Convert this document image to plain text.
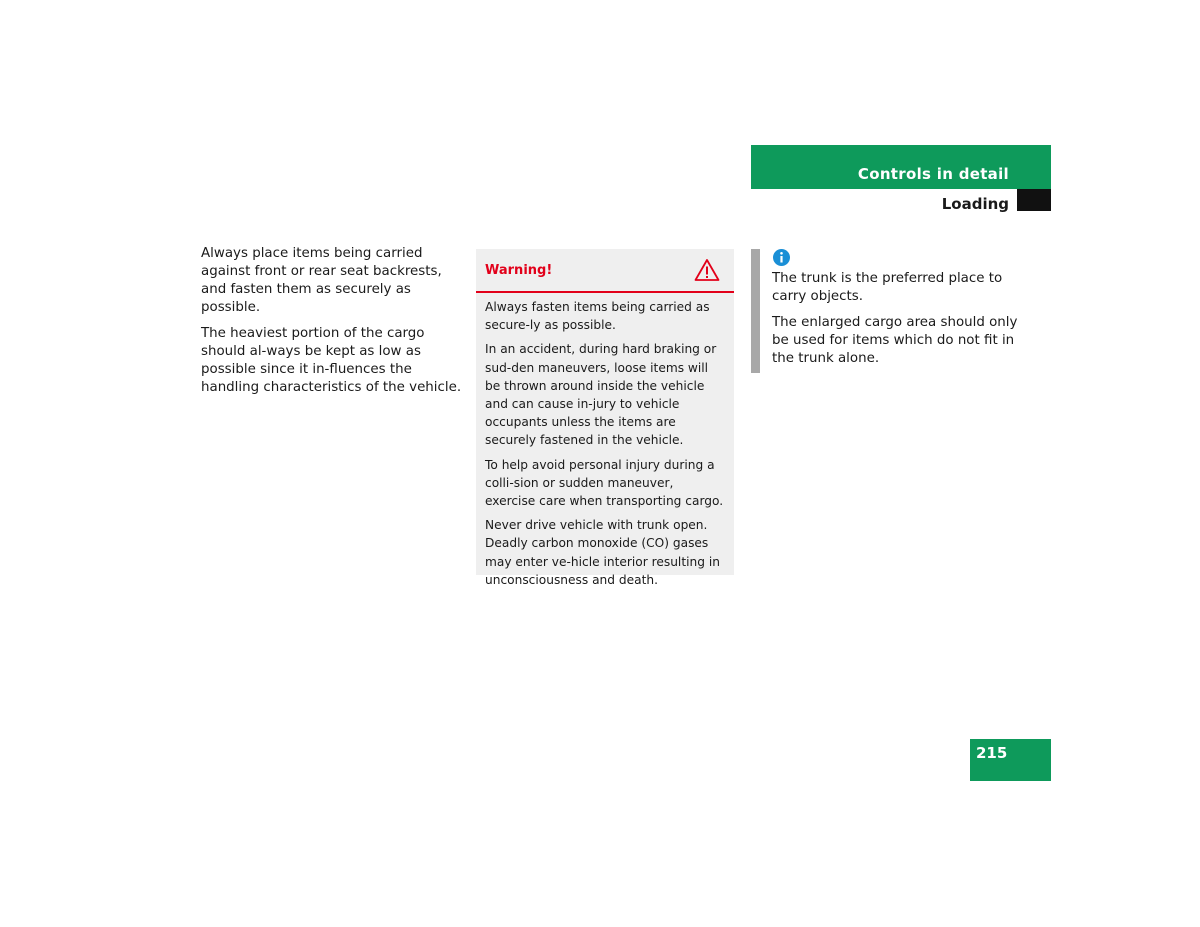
Controls in detail
Loading

Always place items being carried against front or rear seat backrests, and fasten them as securely as possible.

The heaviest portion of the cargo should al-ways be kept as low as possible since it in-fluences the handling characteristics of the vehicle.

Warning!

Always fasten items being carried as secure-ly as possible.

In an accident, during hard braking or sud-den maneuvers, loose items will be thrown around inside the vehicle and can cause in-jury to vehicle occupants unless the items are securely fastened in the vehicle.

To help avoid personal injury during a colli-sion or sudden maneuver, exercise care when transporting cargo.

Never drive vehicle with trunk open. Deadly carbon monoxide (CO) gases may enter ve-hicle interior resulting in unconsciousness and death.

The trunk is the preferred place to carry objects.

The enlarged cargo area should only be used for items which do not fit in the trunk alone.

215
